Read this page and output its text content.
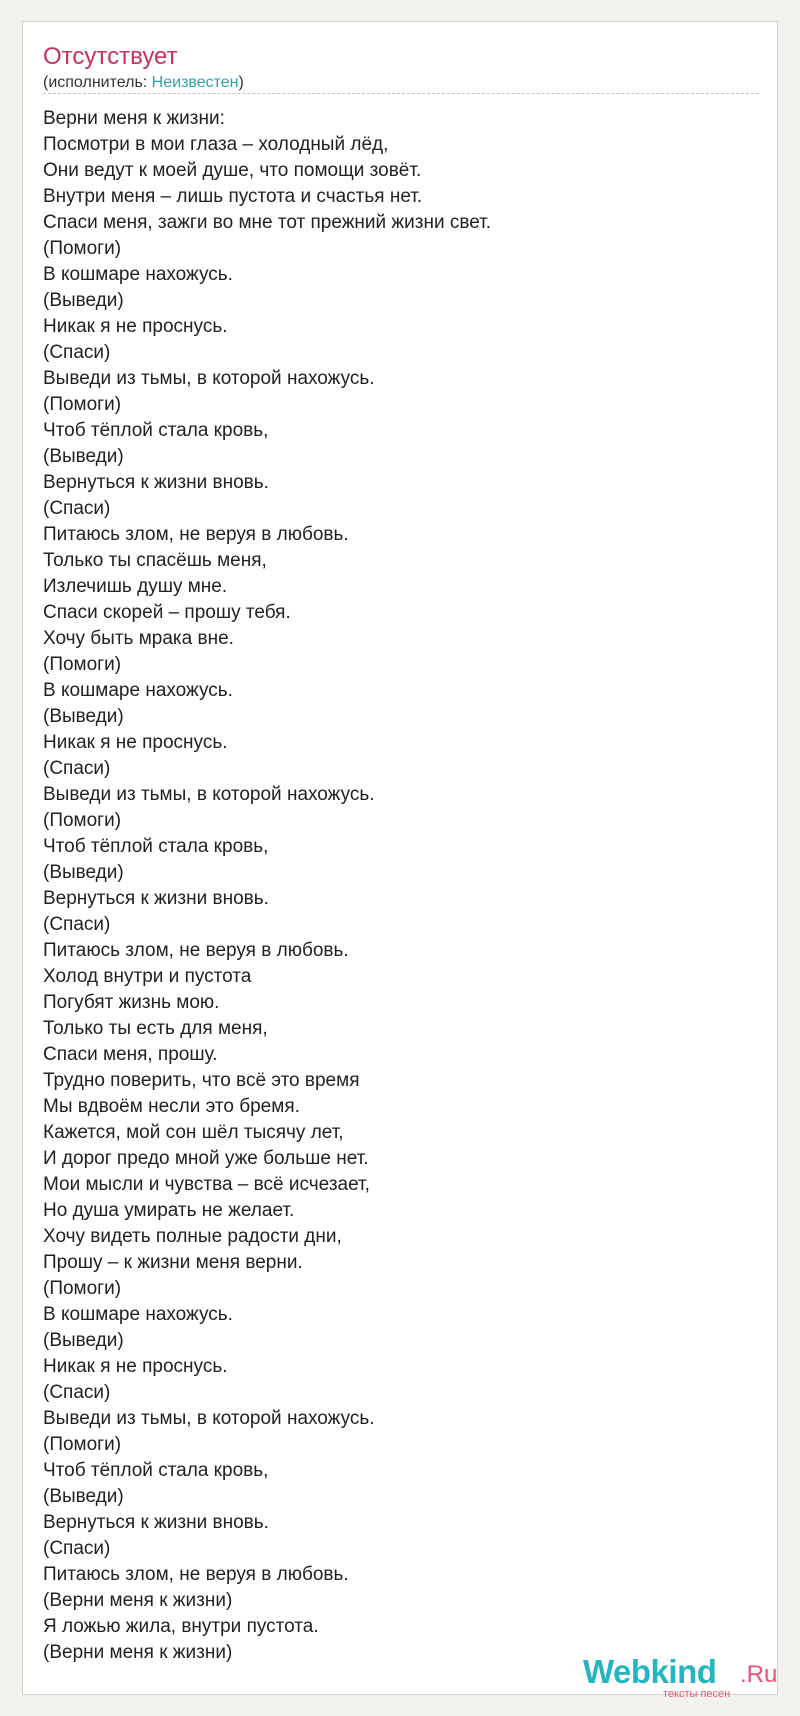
Отсутствует
(исполнитель: Неизвестен)
Верни меня к жизни:
Посмотри в мои глаза – холодный лёд,
Они ведут к моей душе, что помощи зовёт.
Внутри меня – лишь пустота и счастья нет.
Спаси меня, зажги во мне тот прежний жизни свет.
(Помоги)
В кошмаре нахожусь.
(Выведи)
Никак я не проснусь.
(Спаси)
Выведи из тьмы, в которой нахожусь.
(Помоги)
Чтоб тёплой стала кровь,
(Выведи)
Вернуться к жизни вновь.
(Спаси)
Питаюсь злом, не веруя в любовь.
Только ты спасёшь меня,
Излечишь душу мне.
Спаси скорей – прошу тебя.
Хочу быть мрака вне.
(Помоги)
В кошмаре нахожусь.
(Выведи)
Никак я не проснусь.
(Спаси)
Выведи из тьмы, в которой нахожусь.
(Помоги)
Чтоб тёплой стала кровь,
(Выведи)
Вернуться к жизни вновь.
(Спаси)
Питаюсь злом, не веруя в любовь.
Холод внутри и пустота
Погубят жизнь мою.
Только ты есть для меня,
Спаси меня, прошу.
Трудно поверить, что всё это время
Мы вдвоём несли это бремя.
Кажется, мой сон шёл тысячу лет,
И дорог предо мной уже больше нет.
Мои мысли и чувства – всё исчезает,
Но душа умирать не желает.
Хочу видеть полные радости дни,
Прошу – к жизни меня верни.
(Помоги)
В кошмаре нахожусь.
(Выведи)
Никак я не проснусь.
(Спаси)
Выведи из тьмы, в которой нахожусь.
(Помоги)
Чтоб тёплой стала кровь,
(Выведи)
Вернуться к жизни вновь.
(Спаси)
Питаюсь злом, не веруя в любовь.
(Верни меня к жизни)
Я ложью жила, внутри пустота.
(Верни меня к жизни)
Webkind .Ru
тексты песен
